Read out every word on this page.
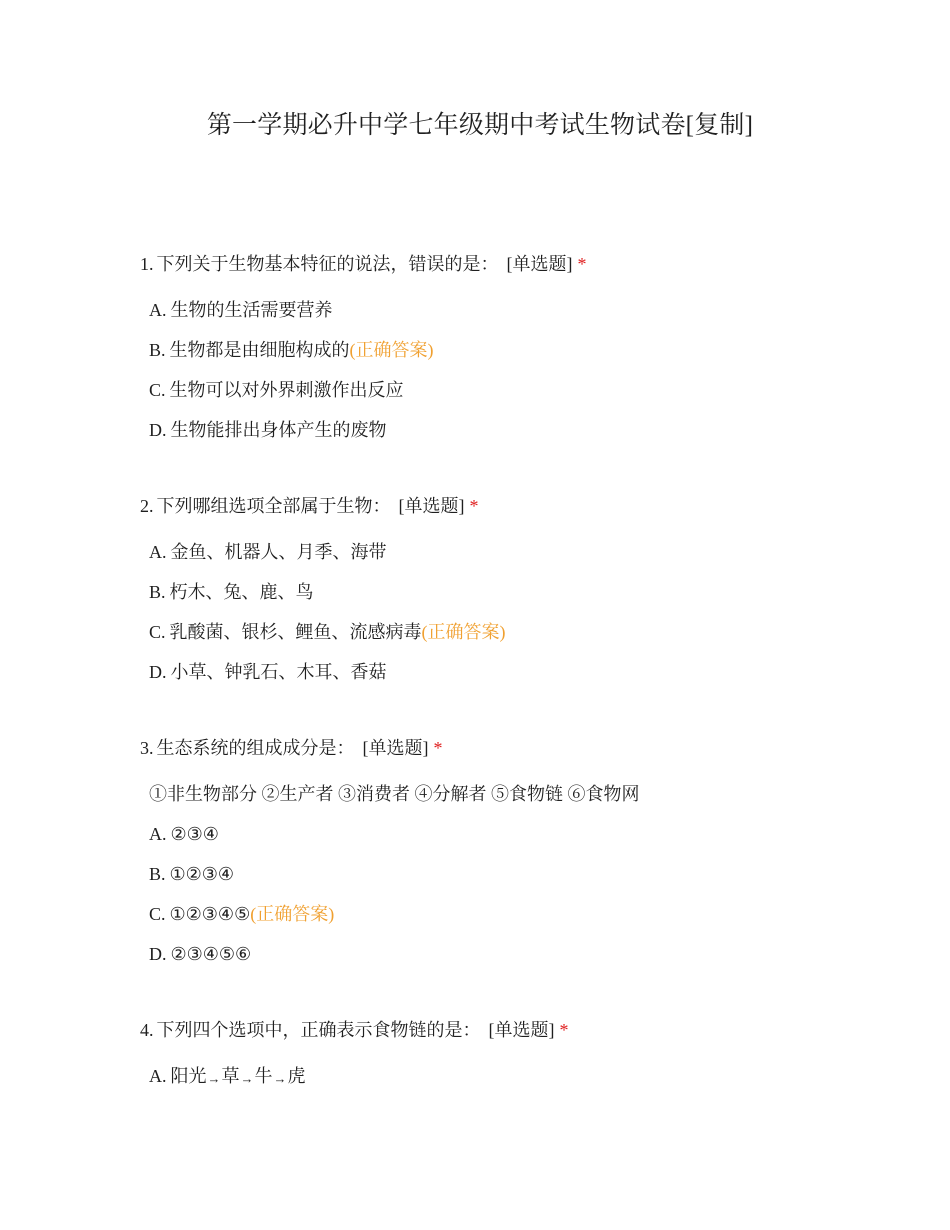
第一学期必升中学七年级期中考试生物试卷[复制]
1. 下列关于生物基本特征的说法，错误的是： [单选题] *
A. 生物的生活需要营养
B. 生物都是由细胞构成的(正确答案)
C. 生物可以对外界刺激作出反应
D. 生物能排出身体产生的废物
2. 下列哪组选项全部属于生物： [单选题] *
A. 金鱼、机器人、月季、海带
B. 朽木、兔、鹿、鸟
C. 乳酸菌、银杉、鲤鱼、流感病毒(正确答案)
D. 小草、钟乳石、木耳、香菇
3. 生态系统的组成成分是： [单选题] *
①非生物部分 ②生产者 ③消费者 ④分解者 ⑤食物链 ⑥食物网
A. ②③④
B. ①②③④
C. ①②③④⑤(正确答案)
D. ②③④⑤⑥
4. 下列四个选项中，正确表示食物链的是： [单选题] *
A. 阳光→草→牛→虎
